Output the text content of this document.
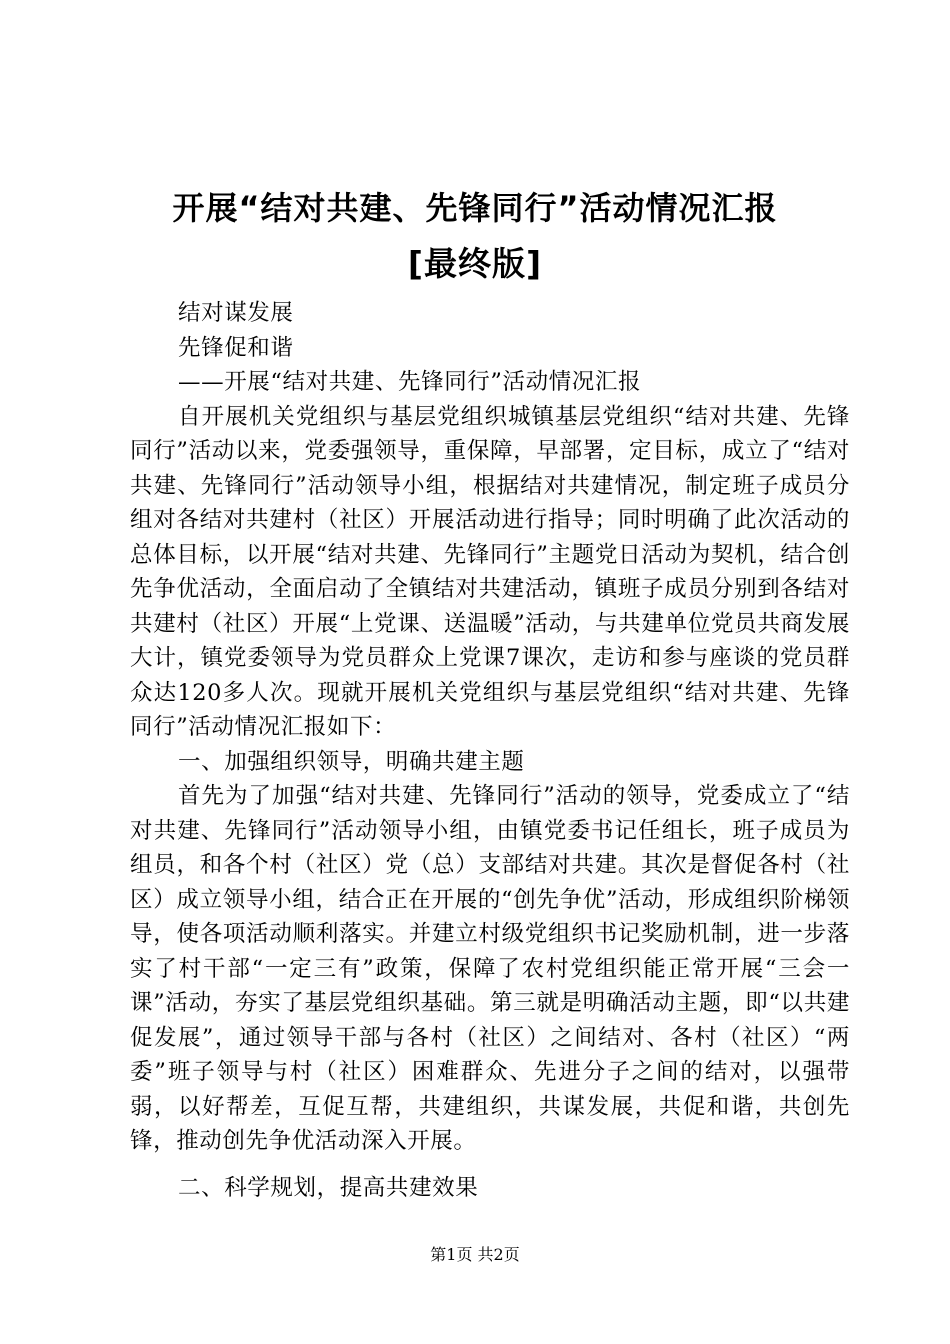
开展“结对共建、先锋同行”活动情况汇报
[最终版]

结对谋发展

先锋促和谐

——开展“结对共建、先锋同行”活动情况汇报

自开展机关党组织与基层党组织城镇基层党组织“结对共建、先锋同行”活动以来，党委强领导，重保障，早部署，定目标，成立了“结对共建、先锋同行”活动领导小组，根据结对共建情况，制定班子成员分组对各结对共建村（社区）开展活动进行指导；同时明确了此次活动的总体目标，以开展“结对共建、先锋同行”主题党日活动为契机，结合创先争优活动，全面启动了全镇结对共建活动，镇班子成员分别到各结对共建村（社区）开展“上党课、送温暖”活动，与共建单位党员共商发展大计，镇党委领导为党员群众上党课7课次，走访和参与座谈的党员群众达120多人次。现就开展机关党组织与基层党组织“结对共建、先锋同行”活动情况汇报如下：

一、加强组织领导，明确共建主题

首先为了加强“结对共建、先锋同行”活动的领导，党委成立了“结对共建、先锋同行”活动领导小组，由镇党委书记任组长，班子成员为组员，和各个村（社区）党（总）支部结对共建。其次是督促各村（社区）成立领导小组，结合正在开展的“创先争优”活动，形成组织阶梯领导，使各项活动顺利落实。并建立村级党组织书记奖励机制，进一步落实了村干部“一定三有”政策，保障了农村党组织能正常开展“三会一课”活动，夯实了基层党组织基础。第三就是明确活动主题，即“以共建促发展”，通过领导干部与各村（社区）之间结对、各村（社区）“两委”班子领导与村（社区）困难群众、先进分子之间的结对，以强带弱，以好帮差，互促互帮，共建组织，共谋发展，共促和谐，共创先锋，推动创先争优活动深入开展。

二、科学规划，提高共建效果

第1页 共2页
